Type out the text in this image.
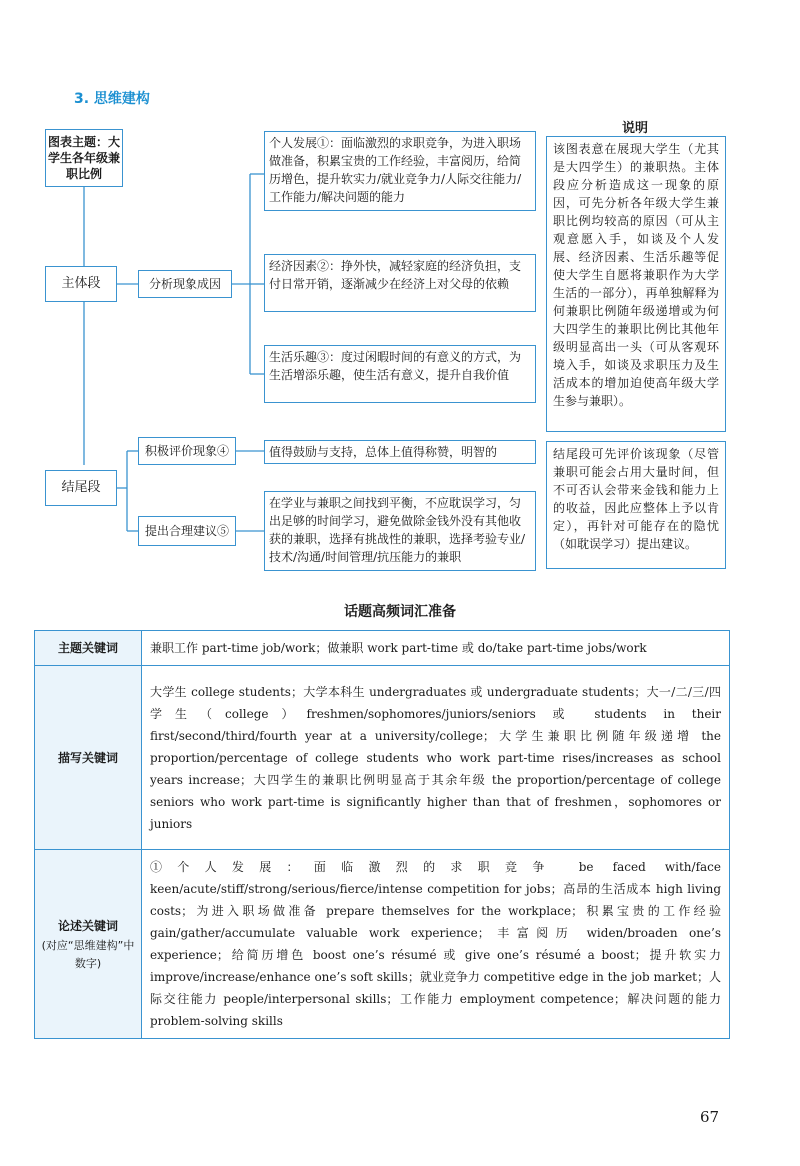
3. 思维建构
图表主题：大学生各年级兼职比例
主体段	分析现象成因
个人发展①：面临激烈的求职竞争，为进入职场做准备，积累宝贵的工作经验，丰富阅历，给简历增色，提升软实力/就业竞争力/人际交往能力/工作能力/解决问题的能力
经济因素②：挣外快，减轻家庭的经济负担，支付日常开销，逐渐减少在经济上对父母的依赖
生活乐趣③：度过闲暇时间的有意义的方式，为生活增添乐趣，使生活有意义，提升自我价值
结尾段
积极评价现象④	值得鼓励与支持，总体上值得称赞，明智的
提出合理建议⑤
在学业与兼职之间找到平衡，不应耽误学习，匀出足够的时间学习，避免做除金钱外没有其他收获的兼职，选择有挑战性的兼职，选择考验专业/技术/沟通/时间管理/抗压能力的兼职
说明
该图表意在展现大学生（尤其是大四学生）的兼职热。主体段应分析造成这一现象的原因，可先分析各年级大学生兼职比例均较高的原因（可从主观意愿入手，如谈及个人发展、经济因素、生活乐趣等促使大学生自愿将兼职作为大学生活的一部分），再单独解释为何兼职比例随年级递增或为何大四学生的兼职比例比其他年级明显高出一头（可从客观环境入手，如谈及求职压力及生活成本的增加迫使高年级大学生参与兼职）。
结尾段可先评价该现象（尽管兼职可能会占用大量时间，但不可否认会带来金钱和能力上的收益，因此应整体上予以肯定），再针对可能存在的隐忧（如耽误学习）提出建议。
话题高频词汇准备
主题关键词	兼职工作 part-time job/work；做兼职 work part-time 或 do/take part-time jobs/work
描写关键词	大学生 college students；大学本科生 undergraduates 或 undergraduate students；大一/二/三/四学生（college）freshmen/sophomores/juniors/seniors 或 students in their first/second/third/fourth year at a university/college；大学生兼职比例随年级递增 the proportion/percentage of college students who work part-time rises/increases as school years increase；大四学生的兼职比例明显高于其余年级 the proportion/percentage of college seniors who work part-time is significantly higher than that of freshmen，sophomores or juniors
论述关键词
(对应“思维建构”中数字)	①个人发展：面临激烈的求职竞争 be faced with/face keen/acute/stiff/strong/serious/fierce/intense competition for jobs；高昂的生活成本 high living costs；为进入职场做准备 prepare themselves for the workplace；积累宝贵的工作经验 gain/gather/accumulate valuable work experience；丰富阅历 widen/broaden one’s experience；给简历增色 boost one’s résumé 或 give one’s résumé a boost；提升软实力 improve/increase/enhance one’s soft skills；就业竞争力 competitive edge in the job market；人际交往能力 people/interpersonal skills；工作能力 employment competence；解决问题的能力 problem-solving skills
67
